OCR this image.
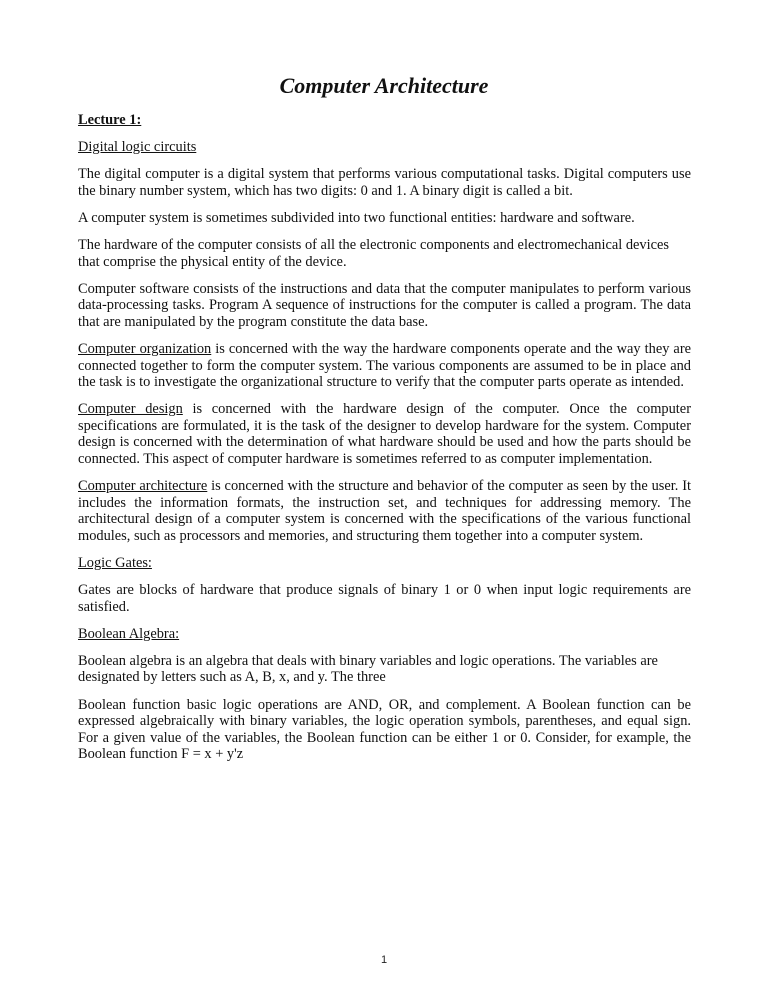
Computer Architecture
Lecture 1:
Digital logic circuits

The digital computer is a digital system that performs various computational tasks. Digital computers use the binary number system, which has two digits: 0 and 1. A binary digit is called a bit.

A computer system is sometimes subdivided into two functional entities: hardware and software.

The hardware of the computer consists of all the electronic components and electromechanical devices that comprise the physical entity of the device.

Computer software consists of the instructions and data that the computer manipulates to perform various data-processing tasks. Program A sequence of instructions for the computer is called a program. The data that are manipulated by the program constitute the data base.

Computer organization is concerned with the way the hardware components operate and the way they are connected together to form the computer system. The various components are assumed to be in place and the task is to investigate the organizational structure to verify that the computer parts operate as intended.

Computer design is concerned with the hardware design of the computer. Once the computer specifications are formulated, it is the task of the designer to develop hardware for the system. Computer design is concerned with the determination of what hardware should be used and how the parts should be connected. This aspect of computer hardware is sometimes referred to as computer implementation.

Computer architecture is concerned with the structure and behavior of the computer as seen by the user. It includes the information formats, the instruction set, and techniques for addressing memory. The architectural design of a computer system is concerned with the specifications of the various functional modules, such as processors and memories, and structuring them together into a computer system.

Logic Gates:

Gates are blocks of hardware that produce signals of binary 1 or 0 when input logic requirements are satisfied.

Boolean Algebra:

Boolean algebra is an algebra that deals with binary variables and logic operations. The variables are designated by letters such as A, B, x, and y. The three

Boolean function basic logic operations are AND, OR, and complement. A Boolean function can be expressed algebraically with binary variables, the logic operation symbols, parentheses, and equal sign. For a given value of the variables, the Boolean function can be either 1 or 0. Consider, for example, the Boolean function F = x + y'z

1
